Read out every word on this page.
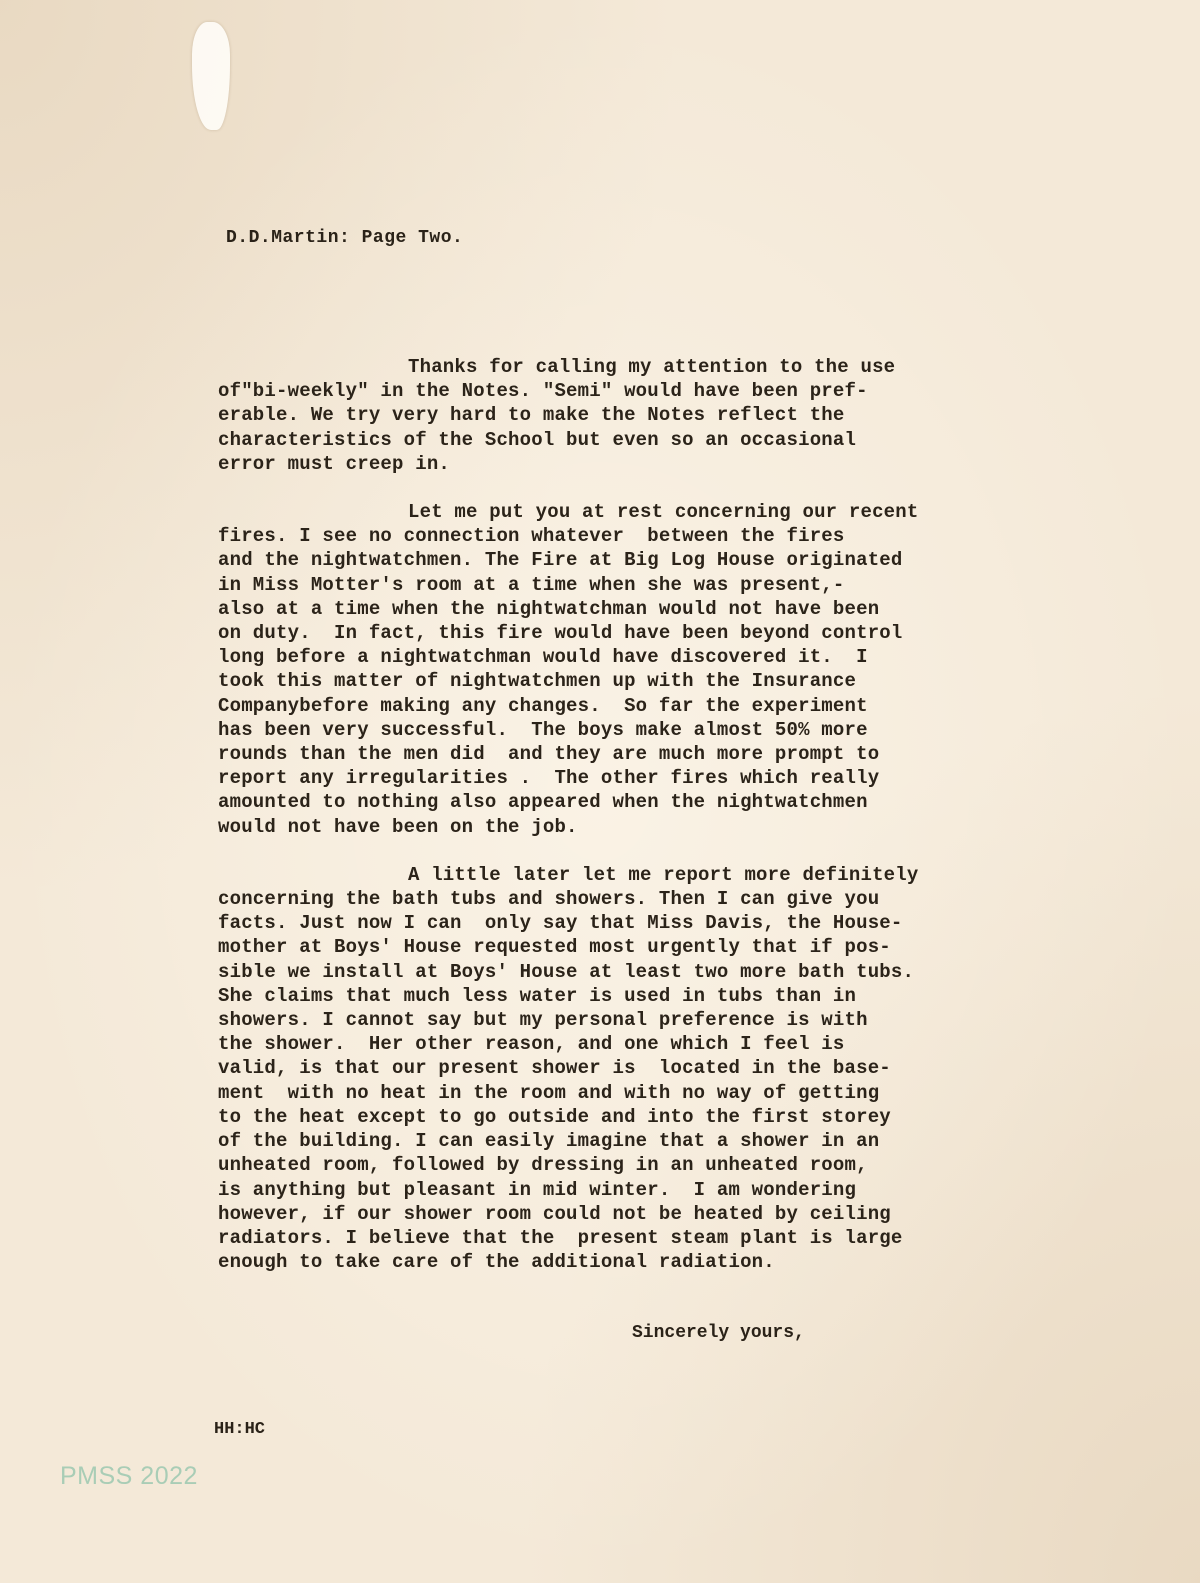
D.D.Martin: Page Two.
Thanks for calling my attention to the use
of"bi-weekly" in the Notes. "Semi" would have been pref-
erable. We try very hard to make the Notes reflect the
characteristics of the School but even so an occasional
error must creep in.
Let me put you at rest concerning our recent
fires. I see no connection whatever  between the fires
and the nightwatchmen. The Fire at Big Log House originated
in Miss Motter's room at a time when she was present,-
also at a time when the nightwatchman would not have been
on duty.  In fact, this fire would have been beyond control
long before a nightwatchman would have discovered it.  I
took this matter of nightwatchmen up with the Insurance
Companybefore making any changes.  So far the experiment
has been very successful.  The boys make almost 50% more
rounds than the men did  and they are much more prompt to
report any irregularities .  The other fires which really
amounted to nothing also appeared when the nightwatchmen
would not have been on the job.
A little later let me report more definitely
concerning the bath tubs and showers. Then I can give you
facts. Just now I can  only say that Miss Davis, the House-
mother at Boys' House requested most urgently that if pos-
sible we install at Boys' House at least two more bath tubs.
She claims that much less water is used in tubs than in
showers. I cannot say but my personal preference is with
the shower.  Her other reason, and one which I feel is
valid, is that our present shower is  located in the base-
ment  with no heat in the room and with no way of getting
to the heat except to go outside and into the first storey
of the building. I can easily imagine that a shower in an
unheated room, followed by dressing in an unheated room,
is anything but pleasant in mid winter.  I am wondering
however, if our shower room could not be heated by ceiling
radiators. I believe that the  present steam plant is large
enough to take care of the additional radiation.
Sincerely yours,
HH:HC
PMSS 2022
